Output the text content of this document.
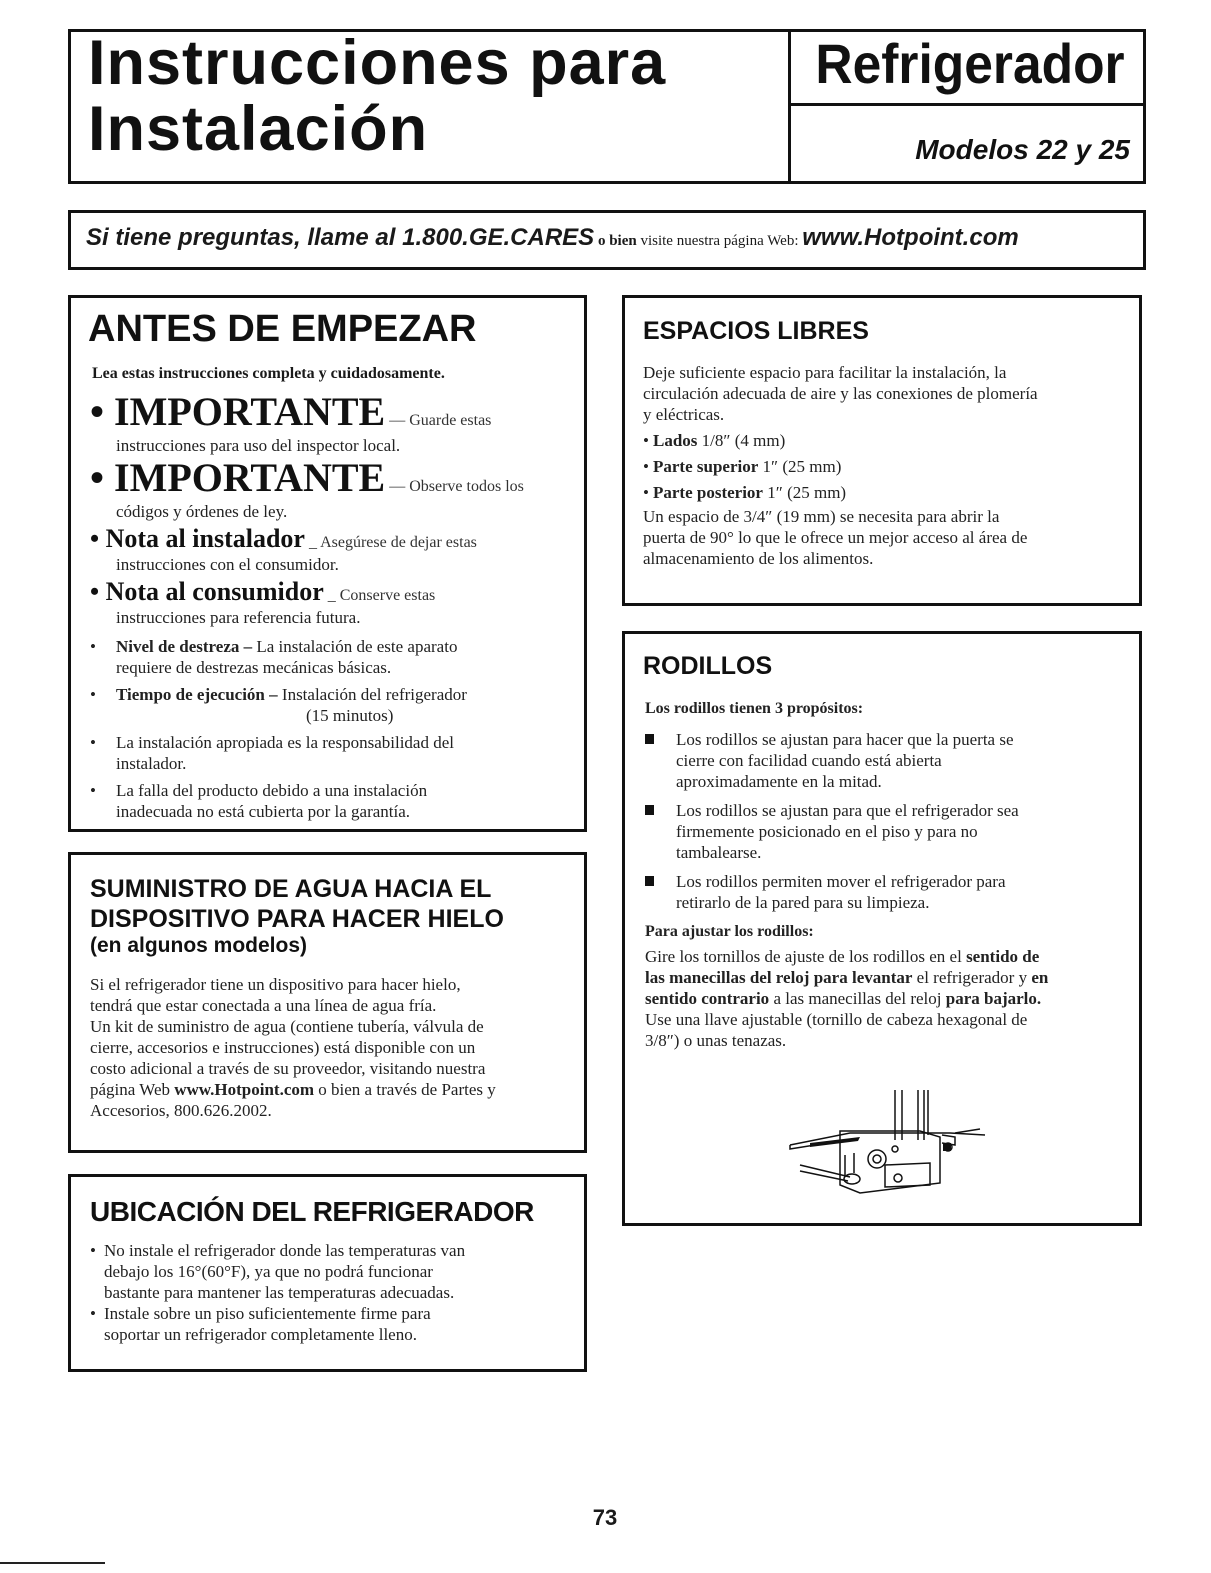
Instrucciones para
Instalación
Refrigerador
Modelos 22 y 25
Si tiene preguntas, llame al 1.800.GE.CARES o bien visite nuestra página Web: www.Hotpoint.com
ANTES DE EMPEZAR
Lea estas instrucciones completa y cuidadosamente.
• IMPORTANTE — Guarde estas
instrucciones para uso del inspector local.
• IMPORTANTE — Observe todos los
códigos y órdenes de ley.
• Nota al instalador _ Asegúrese de dejar estas
instrucciones con el consumidor.
• Nota al consumidor _ Conserve estas
instrucciones para referencia futura.
• Nivel de destreza – La instalación de este aparato
requiere de destrezas mecánicas básicas.
• Tiempo de ejecución – Instalación del refrigerador
(15 minutos)
• La instalación apropiada es la responsabilidad del
instalador.
• La falla del producto debido a una instalación
inadecuada no está cubierta por la garantía.
SUMINISTRO DE AGUA HACIA EL
DISPOSITIVO PARA HACER HIELO
(en algunos modelos)
Si el refrigerador tiene un dispositivo para hacer hielo,
tendrá que estar conectada a una línea de agua fría.
Un kit de suministro de agua (contiene tubería, válvula de
cierre, accesorios e instrucciones) está disponible con un
costo adicional a través de su proveedor, visitando nuestra
página Web www.Hotpoint.com o bien a través de Partes y
Accesorios, 800.626.2002.
UBICACIÓN DEL REFRIGERADOR
• No instale el refrigerador donde las temperaturas van
debajo los 16°(60°F), ya que no podrá funcionar
bastante para mantener las temperaturas adecuadas.
• Instale sobre un piso suficientemente firme para
soportar un refrigerador completamente lleno.
ESPACIOS LIBRES
Deje suficiente espacio para facilitar la instalación, la
circulación adecuada de aire y las conexiones de plomería
y eléctricas.
• Lados 1/8″ (4 mm)
• Parte superior 1″ (25 mm)
• Parte posterior 1″ (25 mm)
Un espacio de 3/4″ (19 mm) se necesita para abrir la
puerta de 90° lo que le ofrece un mejor acceso al área de
almacenamiento de los alimentos.
RODILLOS
Los rodillos tienen 3 propósitos:
Los rodillos se ajustan para hacer que la puerta se
cierre con facilidad cuando está abierta
aproximadamente en la mitad.
Los rodillos se ajustan para que el refrigerador sea
firmemente posicionado en el piso y para no
tambalearse.
Los rodillos permiten mover el refrigerador para
retirarlo de la pared para su limpieza.
Para ajustar los rodillos:
Gire los tornillos de ajuste de los rodillos en el sentido de
las manecillas del reloj para levantar el refrigerador y en
sentido contrario a las manecillas del reloj para bajarlo.
Use una llave ajustable (tornillo de cabeza hexagonal de
3/8″) o unas tenazas.
73
